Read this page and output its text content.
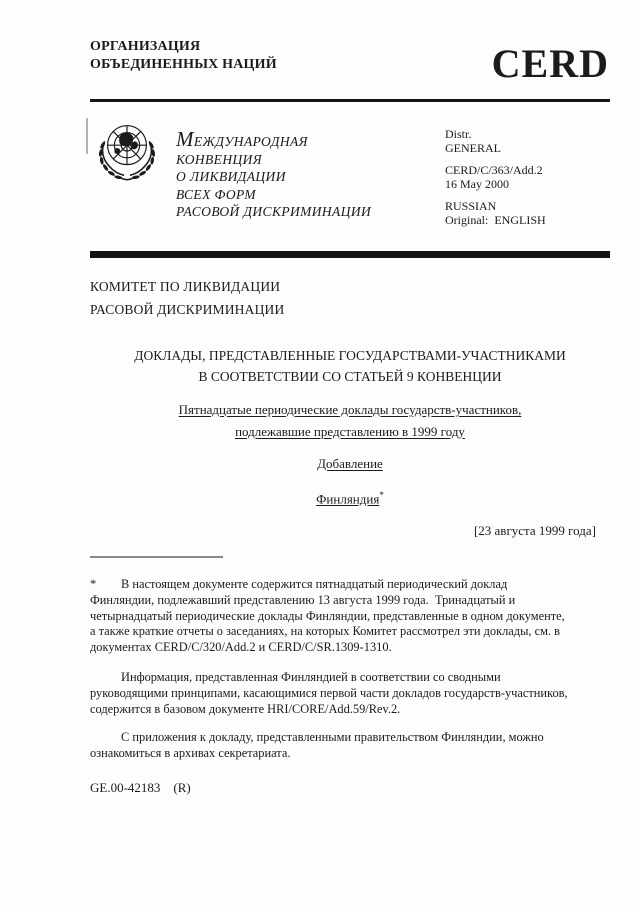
ОРГАНИЗАЦИЯ
ОБЪЕДИНЕННЫХ НАЦИЙ	CERD
МЕЖДУНАРОДНАЯ
КОНВЕНЦИЯ
О ЛИКВИДАЦИИ
ВСЕХ ФОРМ
РАСОВОЙ ДИСКРИМИНАЦИИ
Distr.
GENERAL
CERD/C/363/Add.2
16 May 2000
RUSSIAN
Original:  ENGLISH
КОМИТЕТ ПО ЛИКВИДАЦИИ
РАСОВОЙ ДИСКРИМИНАЦИИ
ДОКЛАДЫ, ПРЕДСТАВЛЕННЫЕ ГОСУДАРСТВАМИ-УЧАСТНИКАМИ
В СООТВЕТСТВИИ СО СТАТЬЕЙ 9 КОНВЕНЦИИ
Пятнадцатые периодические доклады государств-участников,
подлежавшие представлению в 1999 году
Добавление
Финляндия*
[23 августа 1999 года]
* В настоящем документе содержится пятнадцатый периодический доклад
Финляндии, подлежавший представлению 13 августа 1999 года.  Тринадцатый и
четырнадцатый периодические доклады Финляндии, представленные в одном документе,
а также краткие отчеты о заседаниях, на которых Комитет рассмотрел эти доклады, см. в
документах CERD/C/320/Add.2 и CERD/C/SR.1309-1310.
Информация, представленная Финляндией в соответствии со сводными
руководящими принципами, касающимися первой части докладов государств-участников,
содержится в базовом документе HRI/CORE/Add.59/Rev.2.
С приложения к докладу, представленными правительством Финляндии, можно
ознакомиться в архивах секретариата.
GE.00-42183    (R)
